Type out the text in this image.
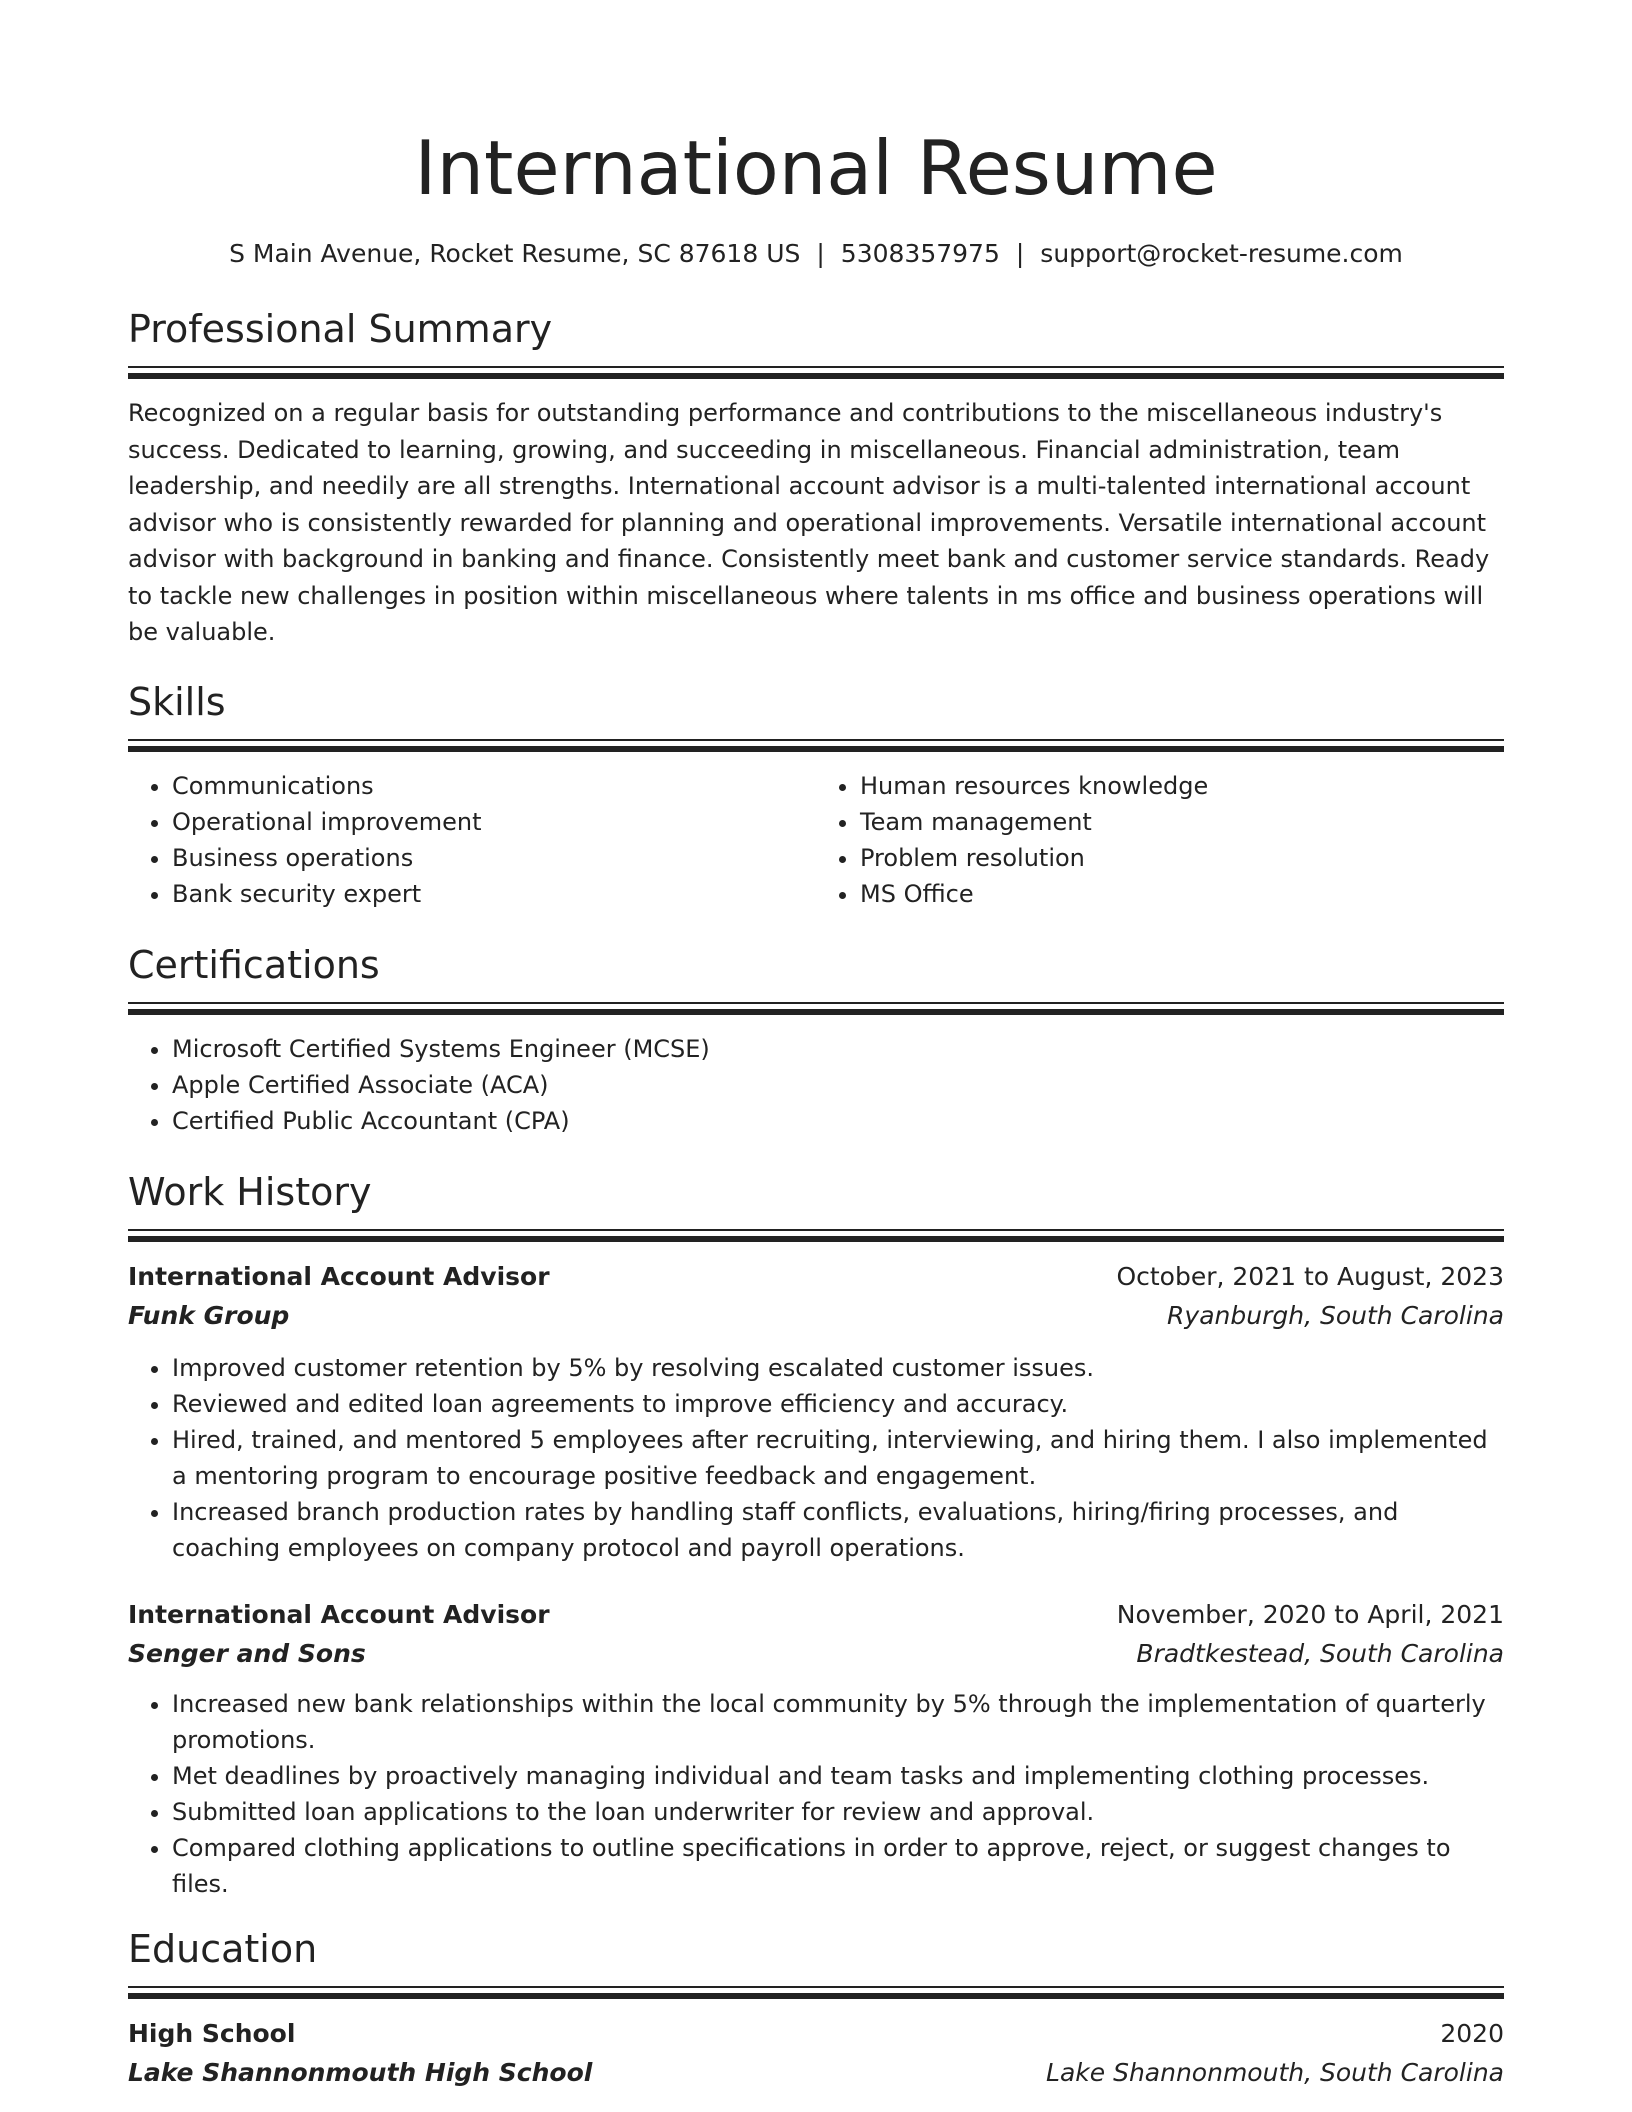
International Resume
S Main Avenue, Rocket Resume, SC 87618 US | 5308357975 | support@rocket-resume.com
Professional Summary

Recognized on a regular basis for outstanding performance and contributions to the miscellaneous industry's success. Dedicated to learning, growing, and succeeding in miscellaneous. Financial administration, team leadership, and needily are all strengths. International account advisor is a multi-talented international account advisor who is consistently rewarded for planning and operational improvements. Versatile international account advisor with background in banking and finance. Consistently meet bank and customer service standards. Ready to tackle new challenges in position within miscellaneous where talents in ms office and business operations will be valuable.

Skills
• Communications
• Operational improvement
• Business operations
• Bank security expert
• Human resources knowledge
• Team management
• Problem resolution
• MS Office
Certifications
• Microsoft Certified Systems Engineer (MCSE)
• Apple Certified Associate (ACA)
• Certified Public Accountant (CPA)
Work History
International Account Advisor	October, 2021 to August, 2023
Funk Group	Ryanburgh, South Carolina
• Improved customer retention by 5% by resolving escalated customer issues.
• Reviewed and edited loan agreements to improve efficiency and accuracy.
• Hired, trained, and mentored 5 employees after recruiting, interviewing, and hiring them. I also implemented a mentoring program to encourage positive feedback and engagement.
• Increased branch production rates by handling staff conflicts, evaluations, hiring/firing processes, and coaching employees on company protocol and payroll operations.
International Account Advisor	November, 2020 to April, 2021
Senger and Sons	Bradtkestead, South Carolina
• Increased new bank relationships within the local community by 5% through the implementation of quarterly promotions.
• Met deadlines by proactively managing individual and team tasks and implementing clothing processes.
• Submitted loan applications to the loan underwriter for review and approval.
• Compared clothing applications to outline specifications in order to approve, reject, or suggest changes to files.
Education
High School	2020
Lake Shannonmouth High School	Lake Shannonmouth, South Carolina
